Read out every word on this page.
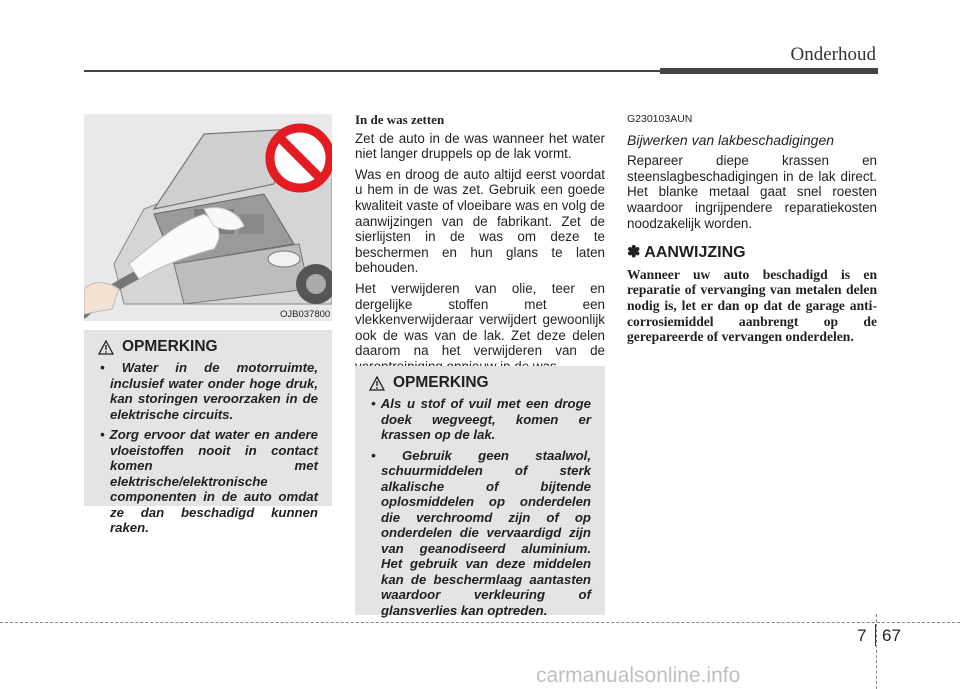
Onderhoud
OJB037800
OPMERKING
• Water in de motorruimte, inclusief water onder hoge druk, kan storingen veroorzaken in de elektrische circuits.
• Zorg ervoor dat water en andere vloeistoffen nooit in contact komen met elektrische/elektronische componenten in de auto omdat ze dan beschadigd kunnen raken.

In de was zetten

Zet de auto in de was wanneer het water niet langer druppels op de lak vormt.

Was en droog de auto altijd eerst voordat u hem in de was zet. Gebruik een goede kwaliteit vaste of vloeibare was en volg de aanwijzingen van de fabrikant. Zet de sierlijsten in de was om deze te beschermen en hun glans te laten behouden.

Het verwijderen van olie, teer en dergelijke stoffen met een vlekkenverwijderaar verwijdert gewoonlijk ook de was van de lak. Zet deze delen daarom na het verwijderen van de

OPMERKING
• Als u stof of vuil met een droge doek wegveegt, komen er krassen op de lak.
• Gebruik geen staalwol, schuurmiddelen of sterk alkalische of bijtende oplosmiddelen op onderdelen die verchroomd zijn of op onderdelen die vervaardigd zijn van geanodiseerd aluminium. Het gebruik van deze middelen kan de beschermlaag aantasten waardoor verkleuring of glansverlies kan optreden.

G230103AUN

Bijwerken van lakbeschadigingen

Repareer diepe krassen en steenslagbeschadigingen in de lak direct. Het blanke metaal gaat snel roesten waardoor ingrijpendere reparatiekosten noodzakelijk worden.

✽ AANWIJZING
Wanneer uw auto beschadigd is en reparatie of vervanging van metalen delen nodig is, let er dan op dat de garage anti-corrosiemiddel aanbrengt op de gerepareerde of vervangen onderdelen.
7 67
carmanualsonline.info
